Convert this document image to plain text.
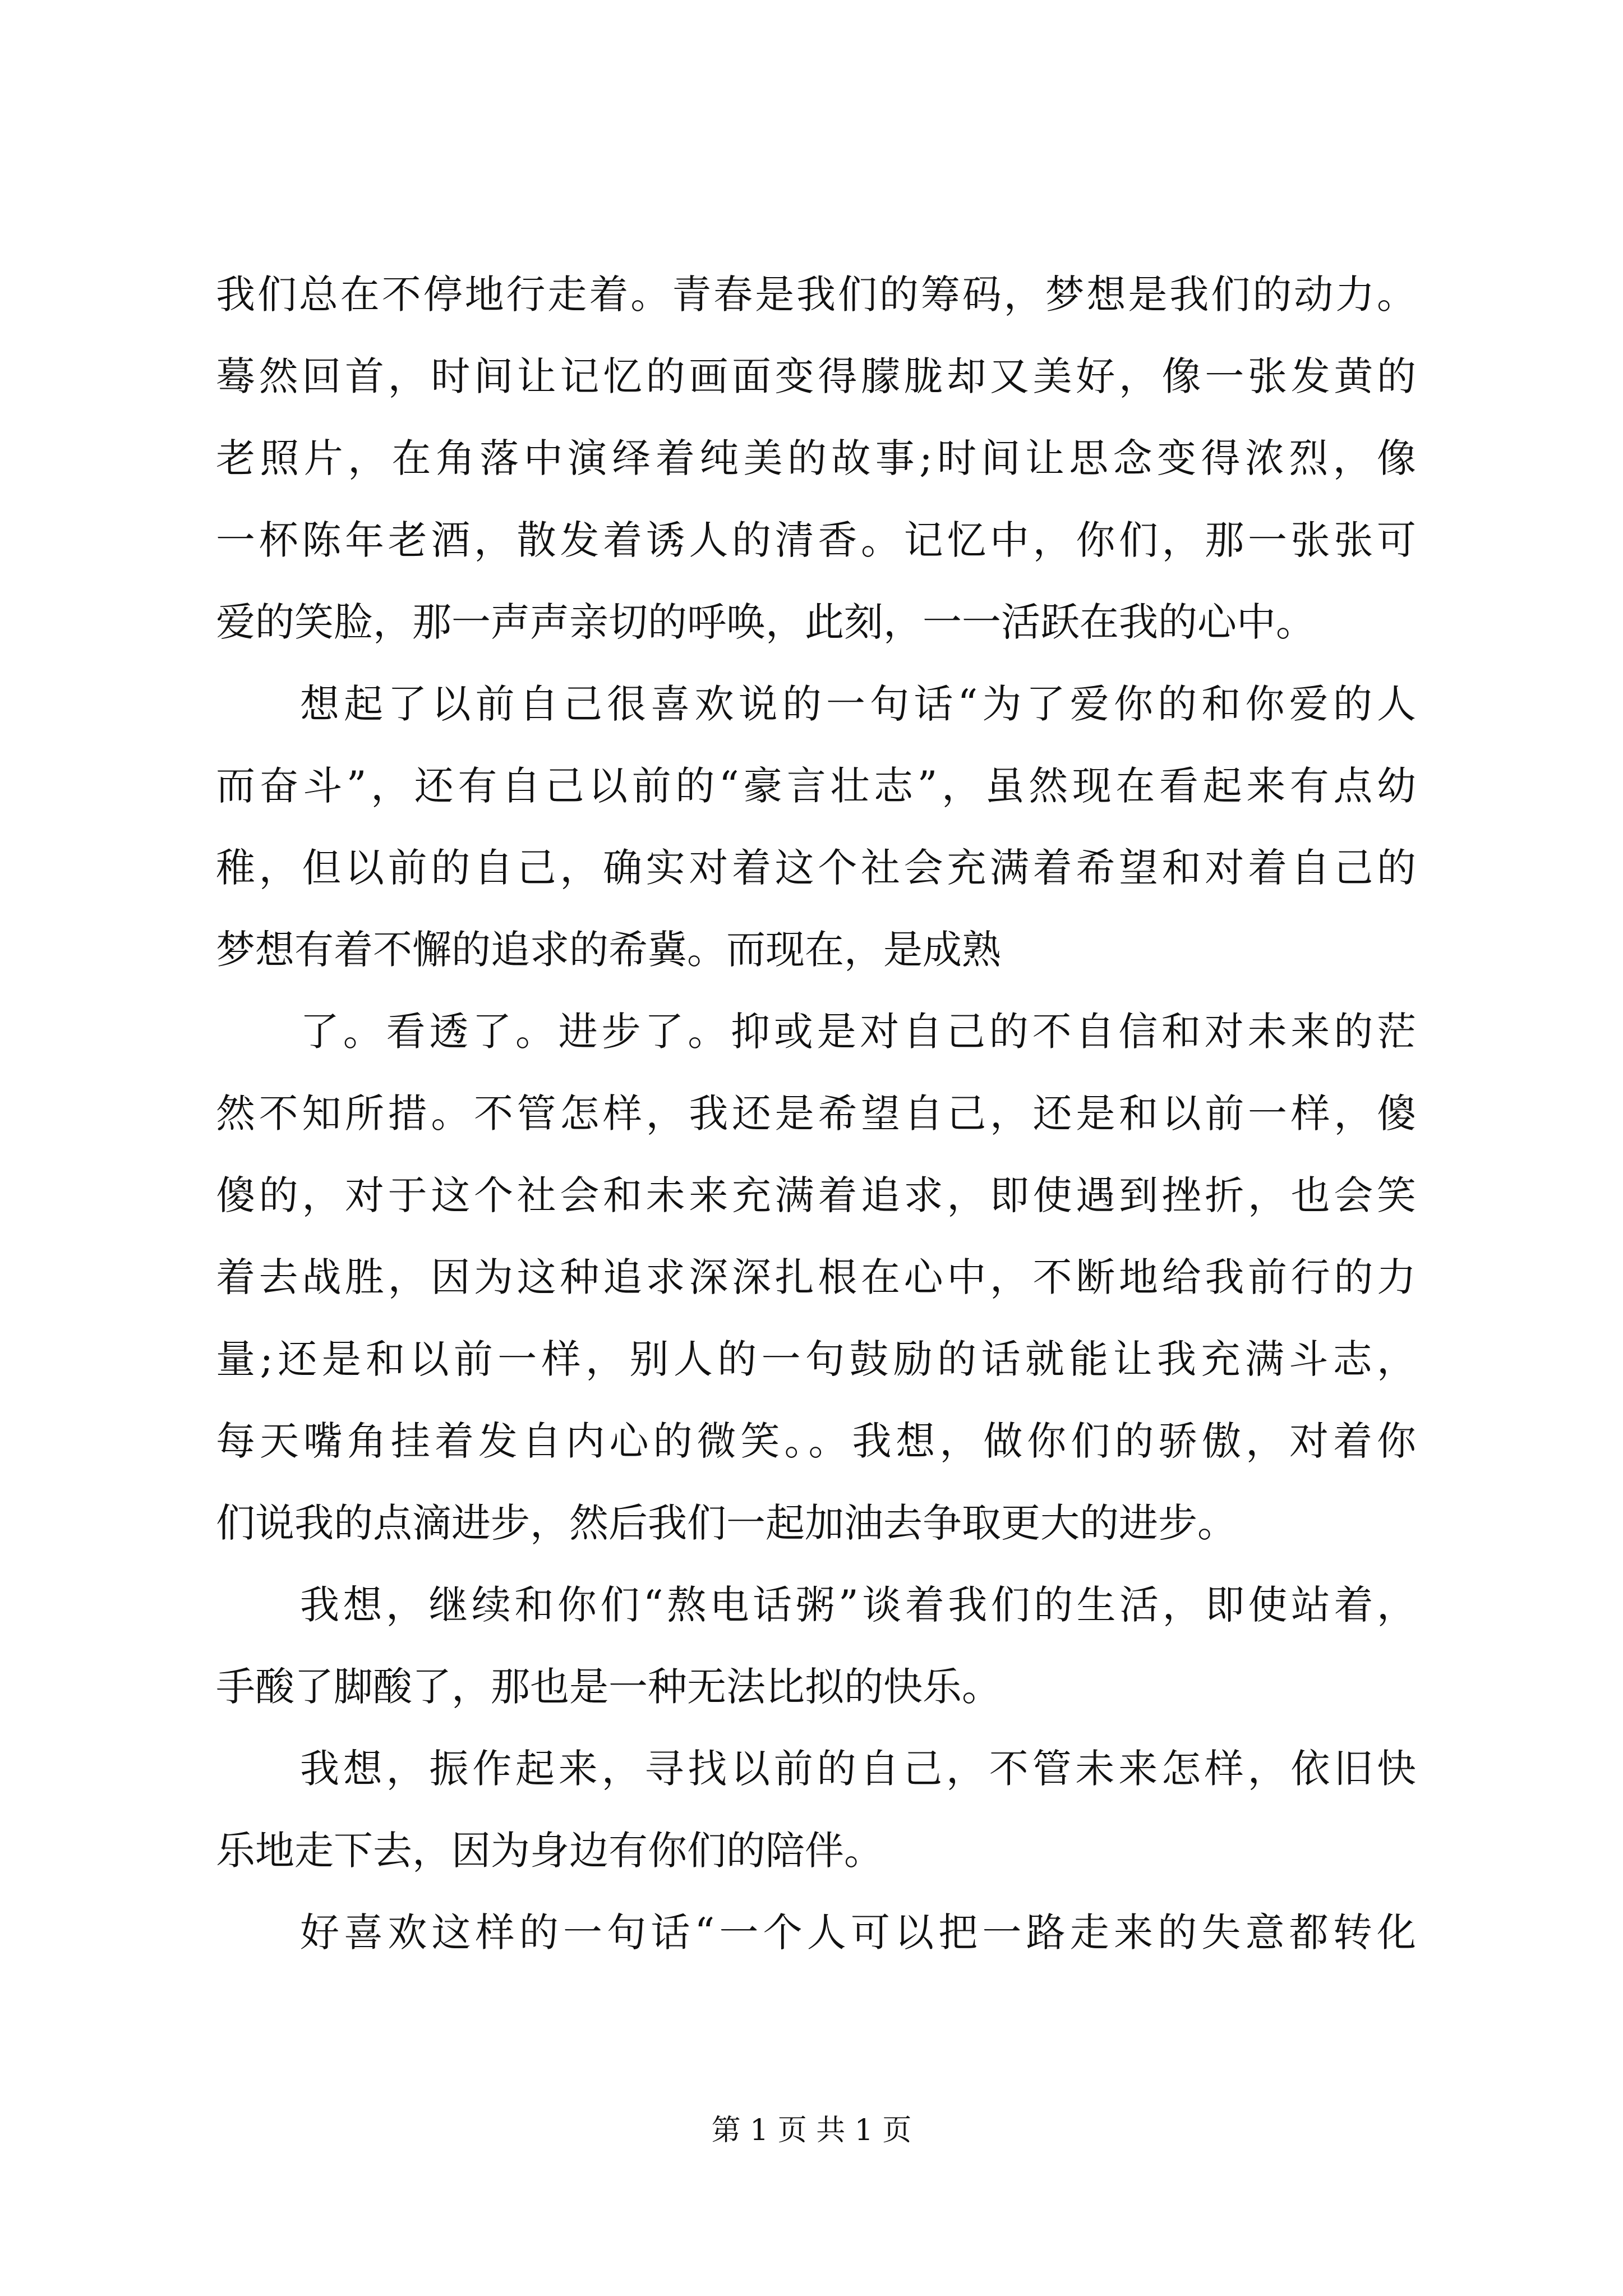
我们总在不停地行走着。青春是我们的筹码，梦想是我们的动力。
蓦然回首，时间让记忆的画面变得朦胧却又美好，像一张发黄的
老照片，在角落中演绎着纯美的故事;时间让思念变得浓烈，像
一杯陈年老酒，散发着诱人的清香。记忆中，你们，那一张张可
爱的笑脸，那一声声亲切的呼唤，此刻，一一活跃在我的心中。
想起了以前自己很喜欢说的一句话“为了爱你的和你爱的人
而奋斗”，还有自己以前的“豪言壮志”，虽然现在看起来有点幼
稚，但以前的自己，确实对着这个社会充满着希望和对着自己的
梦想有着不懈的追求的希冀。而现在，是成熟
了。看透了。进步了。抑或是对自己的不自信和对未来的茫
然不知所措。不管怎样，我还是希望自己，还是和以前一样，傻
傻的，对于这个社会和未来充满着追求，即使遇到挫折，也会笑
着去战胜，因为这种追求深深扎根在心中，不断地给我前行的力
量;还是和以前一样，别人的一句鼓励的话就能让我充满斗志，
每天嘴角挂着发自内心的微笑。。我想，做你们的骄傲，对着你
们说我的点滴进步，然后我们一起加油去争取更大的进步。
我想，继续和你们“熬电话粥”谈着我们的生活，即使站着，
手酸了脚酸了，那也是一种无法比拟的快乐。
我想，振作起来，寻找以前的自己，不管未来怎样，依旧快
乐地走下去，因为身边有你们的陪伴。
好喜欢这样的一句话“一个人可以把一路走来的失意都转化
第 1 页 共 1 页
